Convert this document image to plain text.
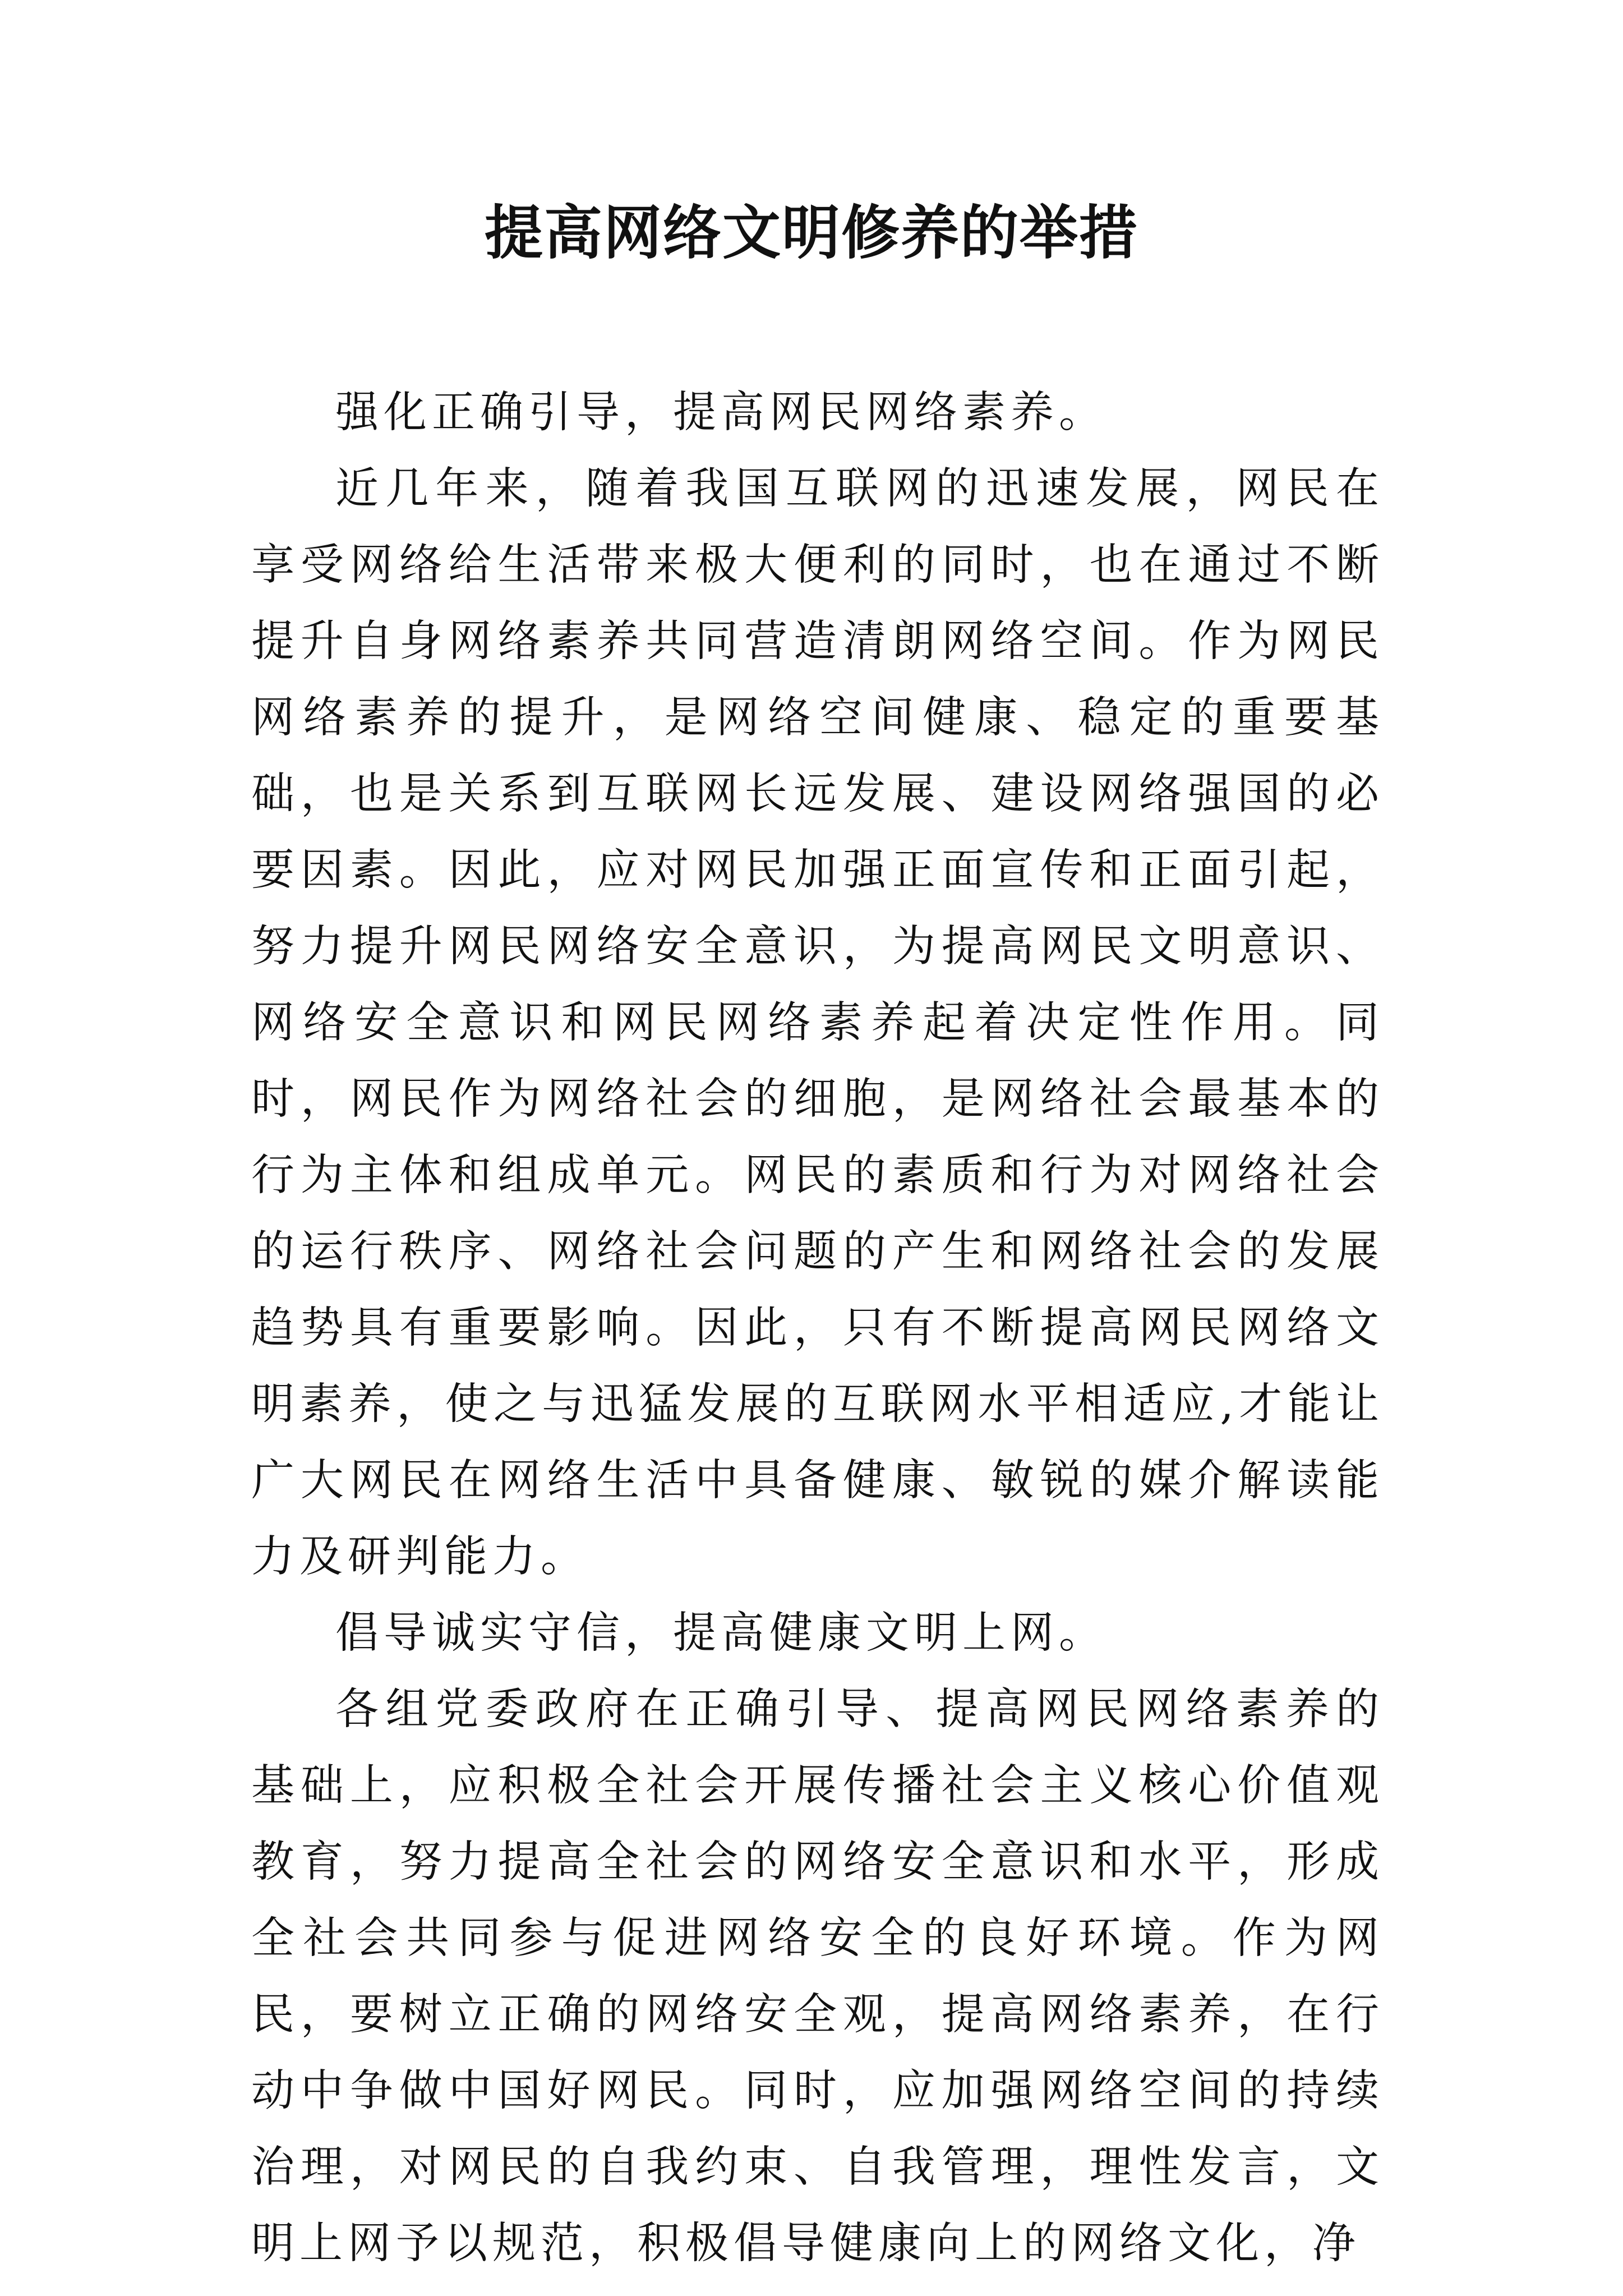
提高网络文明修养的举措

强化正确引导，提高网民网络素养。

近几年来，随着我国互联网的迅速发展，网民在享受网络给生活带来极大便利的同时，也在通过不断提升自身网络素养共同营造清朗网络空间。作为网民网络素养的提升，是网络空间健康、稳定的重要基础，也是关系到互联网长远发展、建设网络强国的必要因素。因此，应对网民加强正面宣传和正面引起，努力提升网民网络安全意识，为提高网民文明意识、网络安全意识和网民网络素养起着决定性作用。同时，网民作为网络社会的细胞，是网络社会最基本的行为主体和组成单元。网民的素质和行为对网络社会的运行秩序、网络社会问题的产生和网络社会的发展趋势具有重要影响。因此，只有不断提高网民网络文明素养，使之与迅猛发展的互联网水平相适应,才能让广大网民在网络生活中具备健康、敏锐的媒介解读能力及研判能力。

倡导诚实守信，提高健康文明上网。

各组党委政府在正确引导、提高网民网络素养的基础上，应积极全社会开展传播社会主义核心价值观教育，努力提高全社会的网络安全意识和水平，形成全社会共同参与促进网络安全的良好环境。作为网民，要树立正确的网络安全观，提高网络素养，在行动中争做中国好网民。同时，应加强网络空间的持续治理，对网民的自我约束、自我管理，理性发言，文明上网予以规范，积极倡导健康向上的网络文化，净
